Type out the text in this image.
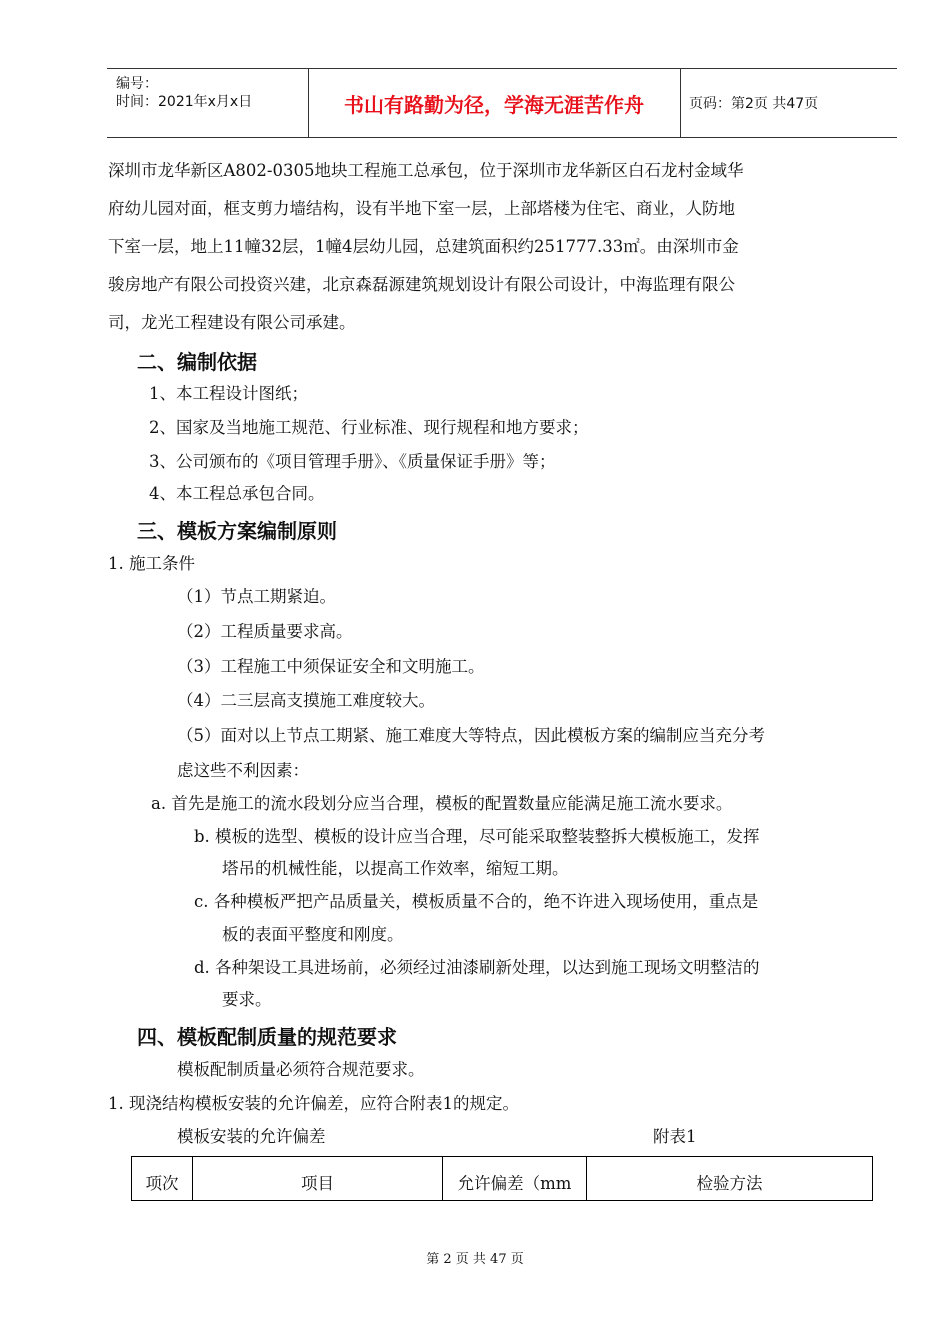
编号：
时间：2021年x月x日	书山有路勤为径，学海无涯苦作舟	页码：第2页 共47页
深圳市龙华新区A802-0305地块工程施工总承包，位于深圳市龙华新区白石龙村金域华
府幼儿园对面，框支剪力墙结构，设有半地下室一层，上部塔楼为住宅、商业，人防地
下室一层，地上11幢32层，1幢4层幼儿园，总建筑面积约251777.33㎡。由深圳市金
骏房地产有限公司投资兴建，北京森磊源建筑规划设计有限公司设计，中海监理有限公
司，龙光工程建设有限公司承建。
二、编制依据
1、本工程设计图纸；
2、国家及当地施工规范、行业标准、现行规程和地方要求；
3、公司颁布的《项目管理手册》、《质量保证手册》等；
4、本工程总承包合同。
三、模板方案编制原则
1. 施工条件
（1）节点工期紧迫。
（2）工程质量要求高。
（3）工程施工中须保证安全和文明施工。
（4）二三层高支摸施工难度较大。
（5）面对以上节点工期紧、施工难度大等特点，因此模板方案的编制应当充分考
虑这些不利因素：
a. 首先是施工的流水段划分应当合理，模板的配置数量应能满足施工流水要求。
b. 模板的选型、模板的设计应当合理，尽可能采取整装整拆大模板施工，发挥
塔吊的机械性能，以提高工作效率，缩短工期。
c. 各种模板严把产品质量关，模板质量不合的，绝不许进入现场使用，重点是
板的表面平整度和刚度。
d. 各种架设工具进场前，必须经过油漆刷新处理，以达到施工现场文明整洁的
要求。
四、模板配制质量的规范要求
模板配制质量必须符合规范要求。
1. 现浇结构模板安装的允许偏差，应符合附表1的规定。
模板安装的允许偏差	附表1
项次	项目	允许偏差（mm	检验方法
第 2 页 共 47 页
